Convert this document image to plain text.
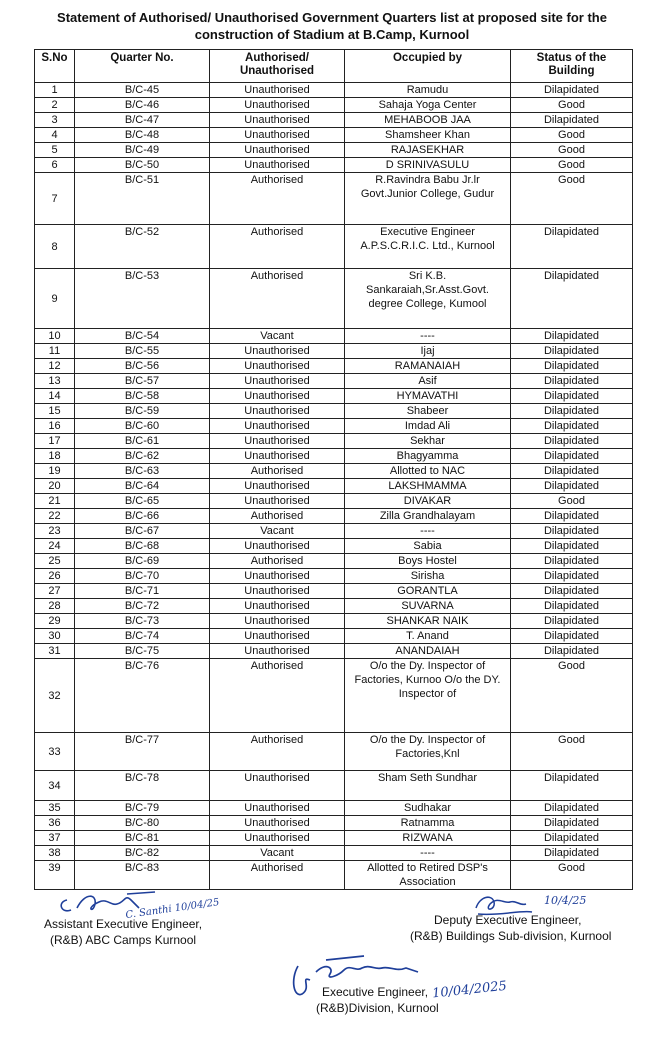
Statement of Authorised/ Unauthorised Government Quarters list at proposed site for the
construction of Stadium at B.Camp, Kurnool
S.No	Quarter No.	Authorised/ Unauthorised	Occupied by	Status of the Building
1	B/C-45	Unauthorised	Ramudu	Dilapidated
2	B/C-46	Unauthorised	Sahaja Yoga Center	Good
3	B/C-47	Unauthorised	MEHABOOB JAA	Dilapidated
4	B/C-48	Unauthorised	Shamsheer Khan	Good
5	B/C-49	Unauthorised	RAJASEKHAR	Good
6	B/C-50	Unauthorised	D SRINIVASULU	Good
7	B/C-51	Authorised	R.Ravindra Babu Jr.lr Govt.Junior College, Gudur	Good
8	B/C-52	Authorised	Executive Engineer A.P.S.C.R.I.C. Ltd., Kurnool	Dilapidated
9	B/C-53	Authorised	Sri K.B. Sankaraiah,Sr.Asst.Govt. degree College, Kumool	Dilapidated
10	B/C-54	Vacant	----	Dilapidated
11	B/C-55	Unauthorised	Ijaj	Dilapidated
12	B/C-56	Unauthorised	RAMANAIAH	Dilapidated
13	B/C-57	Unauthorised	Asif	Dilapidated
14	B/C-58	Unauthorised	HYMAVATHI	Dilapidated
15	B/C-59	Unauthorised	Shabeer	Dilapidated
16	B/C-60	Unauthorised	Imdad Ali	Dilapidated
17	B/C-61	Unauthorised	Sekhar	Dilapidated
18	B/C-62	Unauthorised	Bhagyamma	Dilapidated
19	B/C-63	Authorised	Allotted to NAC	Dilapidated
20	B/C-64	Unauthorised	LAKSHMAMMA	Dilapidated
21	B/C-65	Unauthorised	DIVAKAR	Good
22	B/C-66	Authorised	Zilla Grandhalayam	Dilapidated
23	B/C-67	Vacant	----	Dilapidated
24	B/C-68	Unauthorised	Sabia	Dilapidated
25	B/C-69	Authorised	Boys Hostel	Dilapidated
26	B/C-70	Unauthorised	Sirisha	Dilapidated
27	B/C-71	Unauthorised	GORANTLA	Dilapidated
28	B/C-72	Unauthorised	SUVARNA	Dilapidated
29	B/C-73	Unauthorised	SHANKAR NAIK	Dilapidated
30	B/C-74	Unauthorised	T. Anand	Dilapidated
31	B/C-75	Unauthorised	ANANDAIAH	Dilapidated
32	B/C-76	Authorised	O/o the Dy. Inspector of Factories, Kurnoo O/o the DY. Inspector of	Good
33	B/C-77	Authorised	O/o the Dy. Inspector of Factories,Knl	Good
34	B/C-78	Unauthorised	Sham Seth Sundhar	Dilapidated
35	B/C-79	Unauthorised	Sudhakar	Dilapidated
36	B/C-80	Unauthorised	Ratnamma	Dilapidated
37	B/C-81	Unauthorised	RIZWANA	Dilapidated
38	B/C-82	Vacant	----	Dilapidated
39	B/C-83	Authorised	Allotted to Retired DSP's Association	Good
C. Santhi 10/04/25
Assistant Executive Engineer,
(R&B) ABC Camps Kurnool
10/4/25
Deputy Executive Engineer,
(R&B) Buildings Sub-division, Kurnool
10/04/2025
Executive Engineer,
(R&B)Division, Kurnool
